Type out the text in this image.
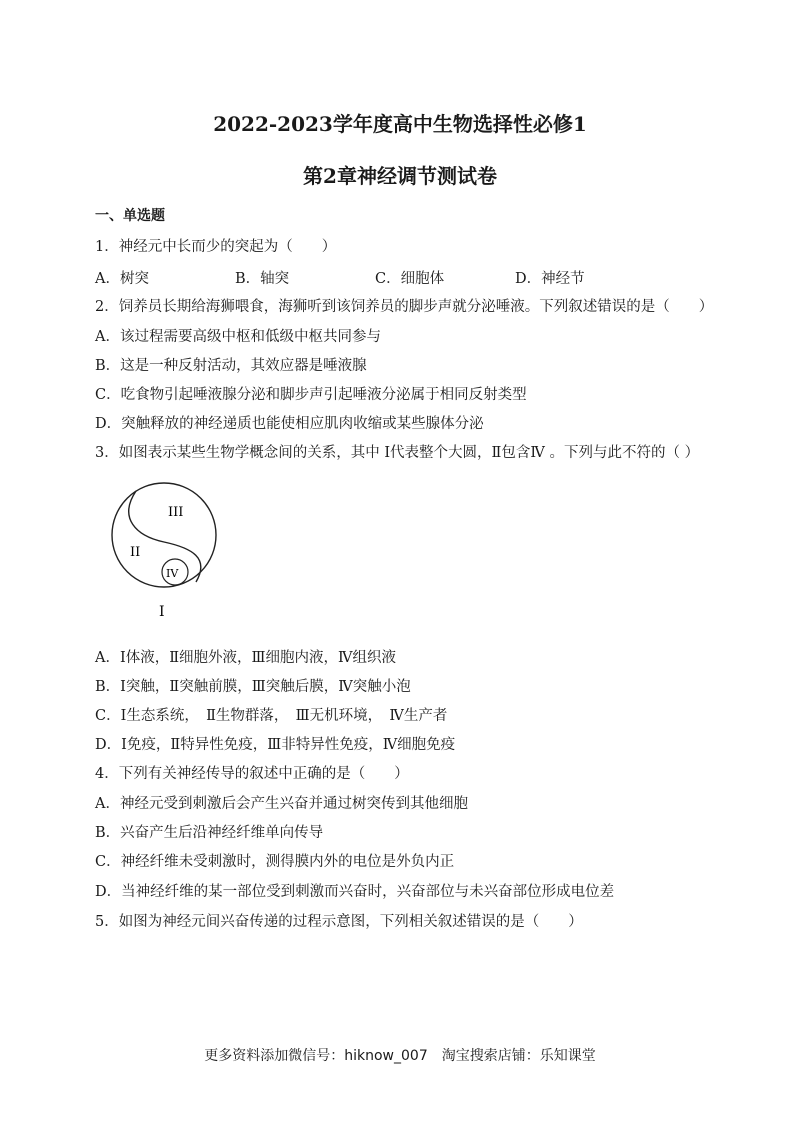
2022-2023学年度高中生物选择性必修1
第2章神经调节测试卷
一、单选题
1．神经元中长而少的突起为（　　）
A．树突	B．轴突	C．细胞体	D．神经节
2．饲养员长期给海狮喂食，海狮听到该饲养员的脚步声就分泌唾液。下列叙述错误的是（　　）
A．该过程需要高级中枢和低级中枢共同参与
B．这是一种反射活动，其效应器是唾液腺
C．吃食物引起唾液腺分泌和脚步声引起唾液分泌属于相同反射类型
D．突触释放的神经递质也能使相应肌肉收缩或某些腺体分泌
3．如图表示某些生物学概念间的关系，其中 Ⅰ代表整个大圆，Ⅱ包含Ⅳ 。下列与此不符的（ ）
III
II
IV
I
A．Ⅰ体液，Ⅱ细胞外液，Ⅲ细胞内液，Ⅳ组织液
B．Ⅰ突触，Ⅱ突触前膜，Ⅲ突触后膜，Ⅳ突触小泡
C．Ⅰ生态系统，　Ⅱ生物群落，　Ⅲ无机环境，　Ⅳ生产者
D．Ⅰ免疫，Ⅱ特异性免疫，Ⅲ非特异性免疫，Ⅳ细胞免疫
4．下列有关神经传导的叙述中正确的是（　　）
A．神经元受到刺激后会产生兴奋并通过树突传到其他细胞
B．兴奋产生后沿神经纤维单向传导
C．神经纤维未受刺激时，测得膜内外的电位是外负内正
D．当神经纤维的某一部位受到刺激而兴奋时，兴奋部位与未兴奋部位形成电位差
5．如图为神经元间兴奋传递的过程示意图，下列相关叙述错误的是（　　）
更多资料添加微信号：hiknow_007　淘宝搜索店铺：乐知课堂
